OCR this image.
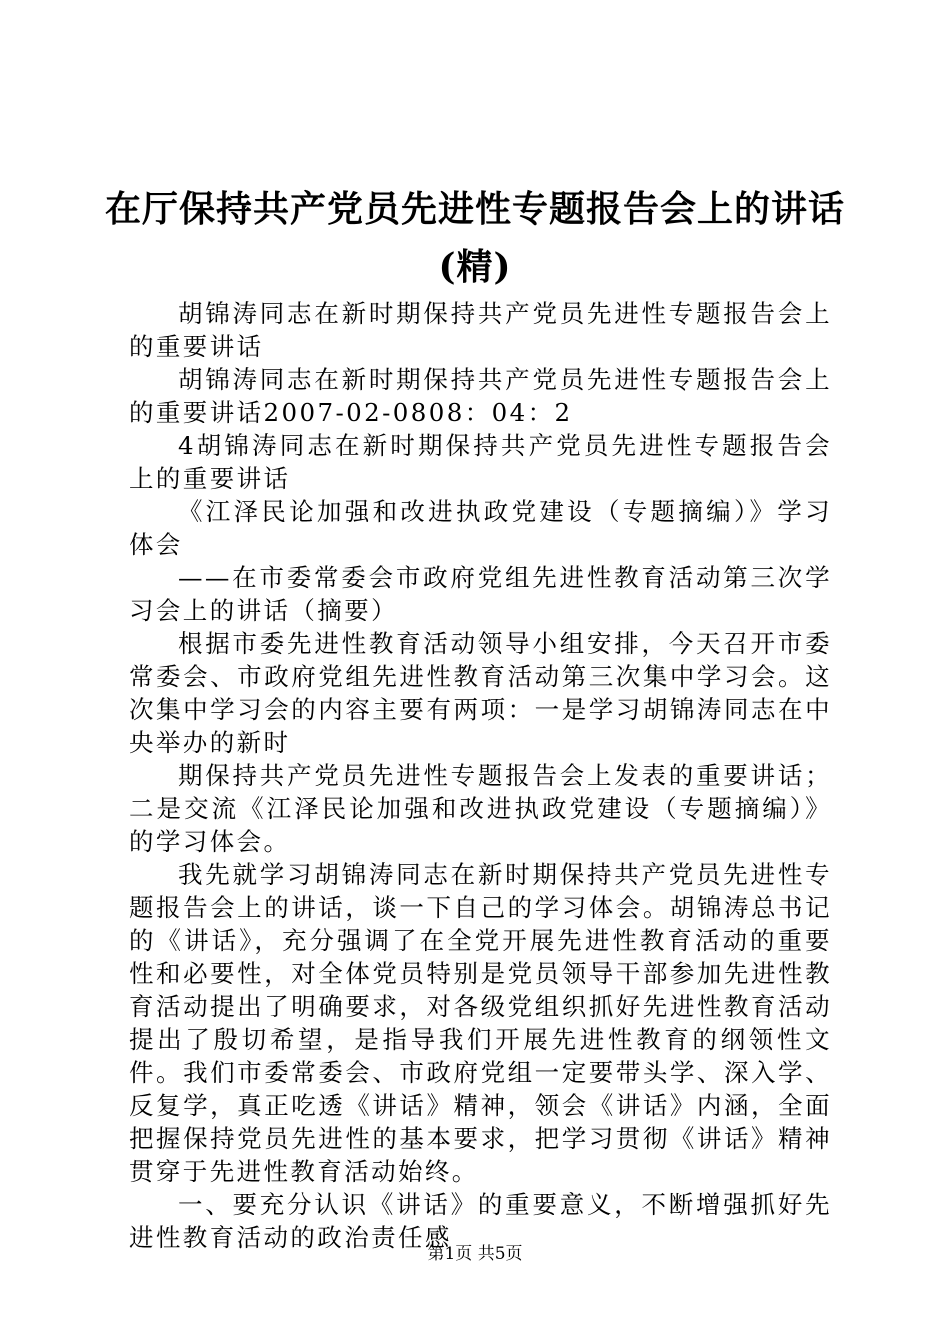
在厅保持共产党员先进性专题报告会上的讲话
(精)

胡锦涛同志在新时期保持共产党员先进性专题报告会上的重要讲话

胡锦涛同志在新时期保持共产党员先进性专题报告会上的重要讲话2007-02-0808：04：2

4胡锦涛同志在新时期保持共产党员先进性专题报告会上的重要讲话

《江泽民论加强和改进执政党建设（专题摘编）》学习体会

——在市委常委会市政府党组先进性教育活动第三次学习会上的讲话（摘要）

根据市委先进性教育活动领导小组安排，今天召开市委常委会、市政府党组先进性教育活动第三次集中学习会。这次集中学习会的内容主要有两项：一是学习胡锦涛同志在中央举办的新时

期保持共产党员先进性专题报告会上发表的重要讲话；二是交流《江泽民论加强和改进执政党建设（专题摘编）》的学习体会。

我先就学习胡锦涛同志在新时期保持共产党员先进性专题报告会上的讲话，谈一下自己的学习体会。胡锦涛总书记的《讲话》，充分强调了在全党开展先进性教育活动的重要性和必要性，对全体党员特别是党员领导干部参加先进性教育活动提出了明确要求，对各级党组织抓好先进性教育活动提出了殷切希望，是指导我们开展先进性教育的纲领性文件。我们市委常委会、市政府党组一定要带头学、深入学、反复学，真正吃透《讲话》精神，领会《讲话》内涵，全面把握保持党员先进性的基本要求，把学习贯彻《讲话》精神贯穿于先进性教育活动始终。

一、要充分认识《讲话》的重要意义，不断增强抓好先进性教育活动的政治责任感

第1页 共5页
